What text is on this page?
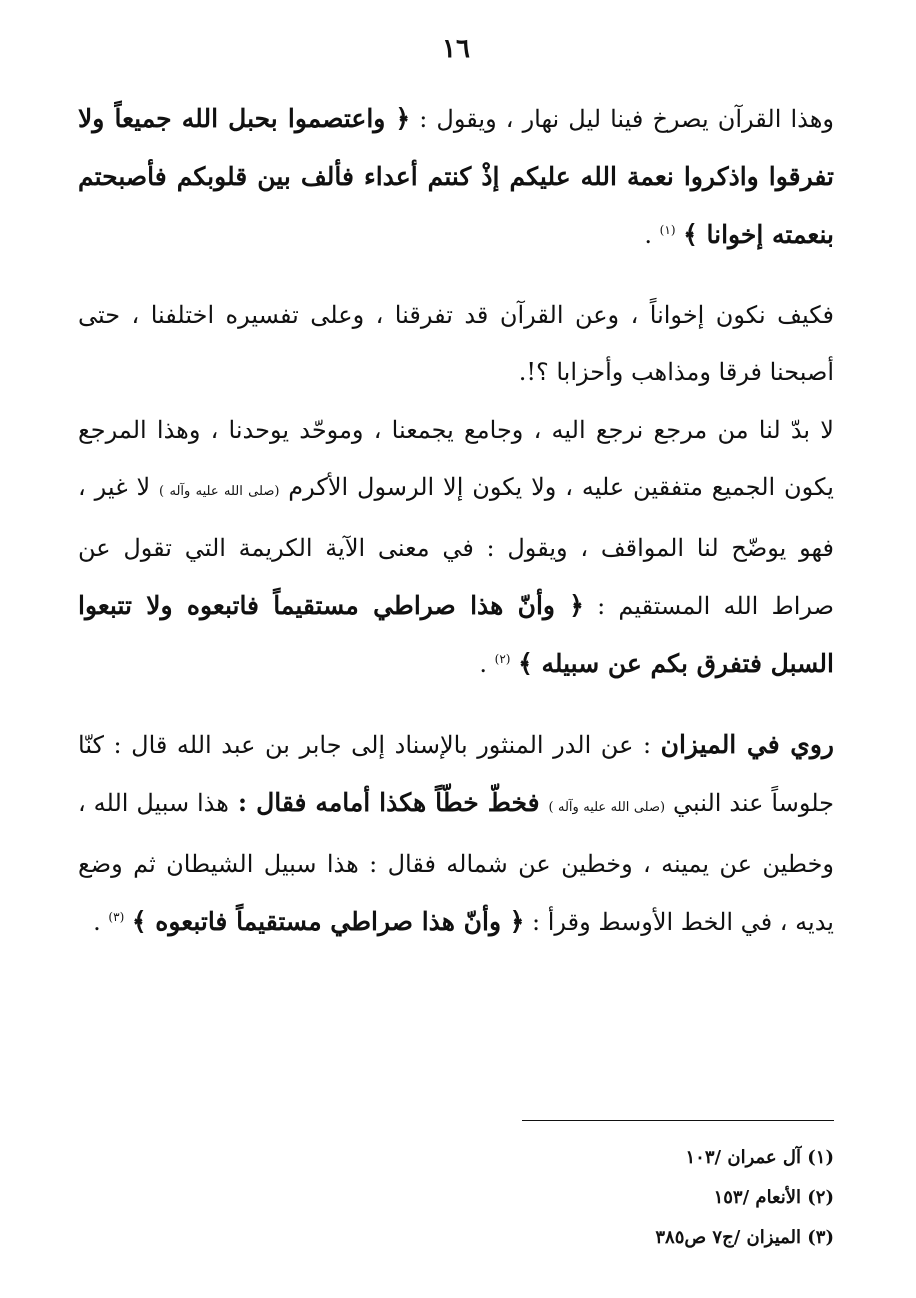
١٦

وهذا القرآن يصرخ فينا ليل نهار ، ويقول : ﴿ واعتصموا بحبل الله جميعاً ولا تفرقوا واذكروا نعمة الله عليكم إذْ كنتم أعداء فألف بين قلوبكم فأصبحتم بنعمته إخوانا ﴾ $^{(١)}$ .

فكيف نكون إخواناً ، وعن القرآن قد تفرقنا ، وعلى تفسيره اختلفنا ، حتى أصبحنا فرقا ومذاهب وأحزابا ؟!.

لا بدّ لنا من مرجع نرجع اليه ، وجامع يجمعنا ، وموحّد يوحدنا ، وهذا المرجع يكون الجميع متفقين عليه ، ولا يكون إلا الرسول الأكرم (صلى الله عليه وآله ) لا غير ، فهو يوضّح لنا المواقف ، ويقول : في معنى الآية الكريمة التي تقول عن صراط الله المستقيم : ﴿ وأنّ هذا صراطي مستقيماً فاتبعوه ولا تتبعوا السبل فتفرق بكم عن سبيله ﴾ $^{(٢)}$ .

روي في الميزان : عن الدر المنثور بالإسناد إلى جابر بن عبد الله قال : كنّا جلوساً عند النبي (صلى الله عليه وآله ) فخطّ خطّاً هكذا أمامه فقال : هذا سبيل الله ، وخطين عن يمينه ، وخطين عن شماله فقال : هذا سبيل الشيطان ثم وضع يديه ، في الخط الأوسط وقرأ : ﴿ وأنّ هذا صراطي مستقيماً فاتبعوه ﴾ $^{(٣)}$ .

(١) آل عمران /١٠٣
(٢) الأنعام /١٥٣
(٣) الميزان /ج٧ ص٣٨٥
